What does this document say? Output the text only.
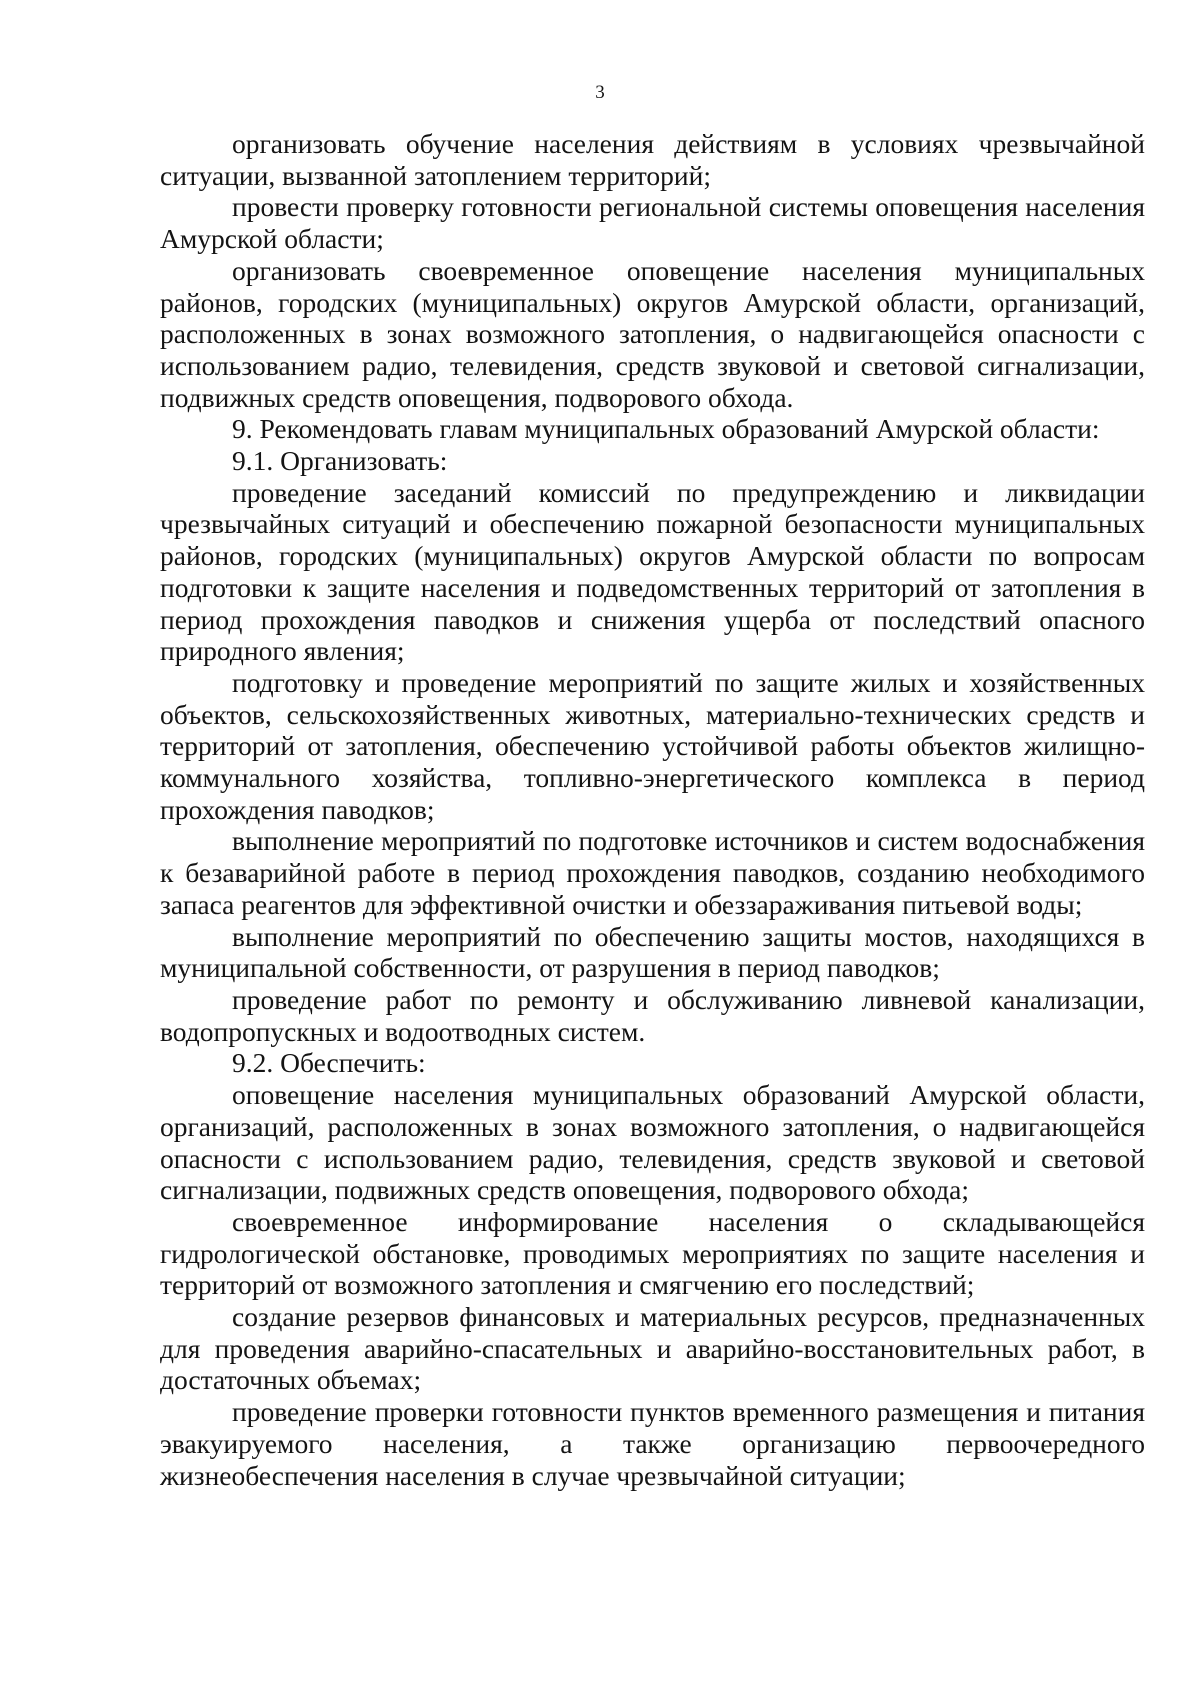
3

организовать обучение населения действиям в условиях чрезвычайной ситуации, вызванной затоплением территорий;

провести проверку готовности региональной системы оповещения населения Амурской области;

организовать своевременное оповещение населения муниципальных районов, городских (муниципальных) округов Амурской области, организаций, расположенных в зонах возможного затопления, о надвигающейся опасности с использованием радио, телевидения, средств звуковой и световой сигнализации, подвижных средств оповещения, подворового обхода.

9. Рекомендовать главам муниципальных образований Амурской области:

9.1. Организовать:

проведение заседаний комиссий по предупреждению и ликвидации чрезвычайных ситуаций и обеспечению пожарной безопасности муниципальных районов, городских (муниципальных) округов Амурской области по вопросам подготовки к защите населения и подведомственных территорий от затопления в период прохождения паводков и снижения ущерба от последствий опасного природного явления;

подготовку и проведение мероприятий по защите жилых и хозяйственных объектов, сельскохозяйственных животных, материально-технических средств и территорий от затопления, обеспечению устойчивой работы объектов жилищно-коммунального хозяйства, топливно-энергетического комплекса в период прохождения паводков;

выполнение мероприятий по подготовке источников и систем водоснабжения к безаварийной работе в период прохождения паводков, созданию необходимого запаса реагентов для эффективной очистки и обеззараживания питьевой воды;

выполнение мероприятий по обеспечению защиты мостов, находящихся в муниципальной собственности, от разрушения в период паводков;

проведение работ по ремонту и обслуживанию ливневой канализации, водопропускных и водоотводных систем.

9.2. Обеспечить:

оповещение населения муниципальных образований Амурской области, организаций, расположенных в зонах возможного затопления, о надвигающейся опасности с использованием радио, телевидения, средств звуковой и световой сигнализации, подвижных средств оповещения, подворового обхода;

своевременное информирование населения о складывающейся гидрологической обстановке, проводимых мероприятиях по защите населения и территорий от возможного затопления и смягчению его последствий;

создание резервов финансовых и материальных ресурсов, предназначенных для проведения аварийно-спасательных и аварийно-восстановительных работ, в достаточных объемах;

проведение проверки готовности пунктов временного размещения и питания эвакуируемого населения, а также организацию первоочередного жизнеобеспечения населения в случае чрезвычайной ситуации;
